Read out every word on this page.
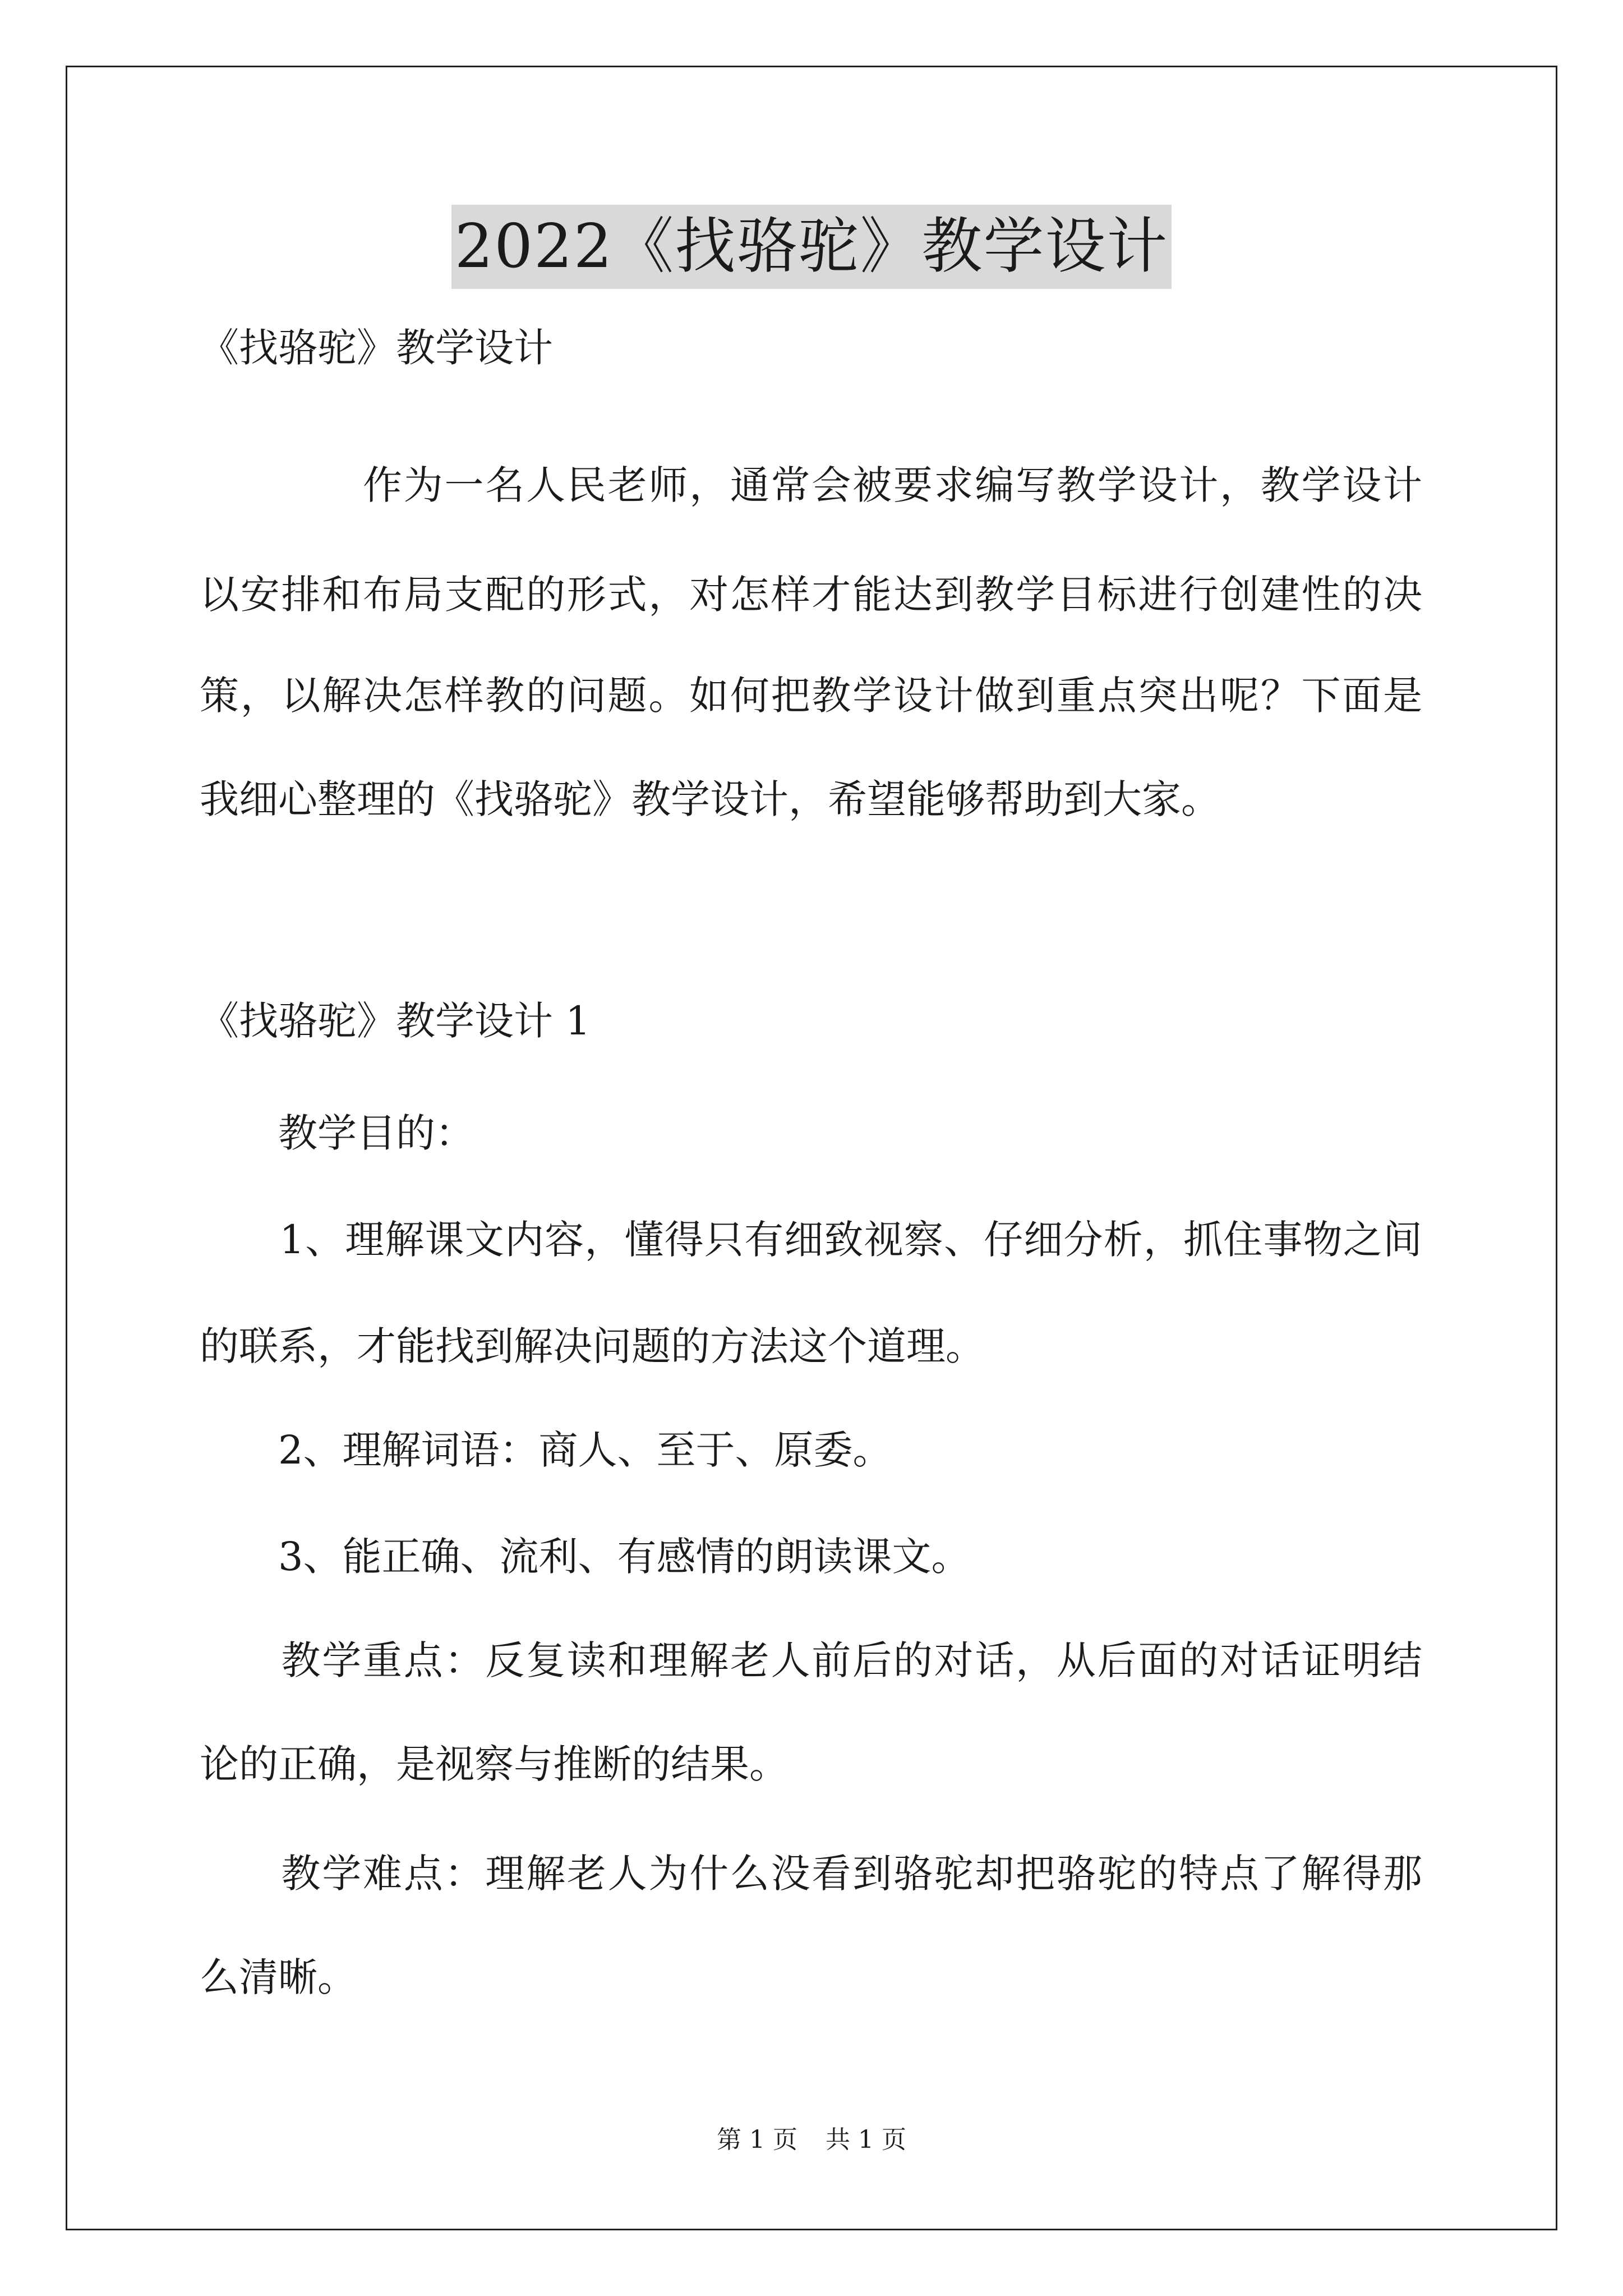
2022《找骆驼》教学设计
《找骆驼》教学设计
　　　　作为一名人民老师，通常会被要求编写教学设计，教学设计
以安排和布局支配的形式，对怎样才能达到教学目标进行创建性的决
策，以解决怎样教的问题。如何把教学设计做到重点突出呢？下面是
我细心整理的《找骆驼》教学设计，希望能够帮助到大家。
《找骆驼》教学设计 1
　　教学目的：
　　1、理解课文内容，懂得只有细致视察、仔细分析，抓住事物之间
的联系，才能找到解决问题的方法这个道理。
　　2、理解词语：商人、至于、原委。
　　3、能正确、流利、有感情的朗读课文。
　　教学重点：反复读和理解老人前后的对话，从后面的对话证明结
论的正确，是视察与推断的结果。
　　教学难点：理解老人为什么没看到骆驼却把骆驼的特点了解得那
么清晰。
第 1 页 共 1 页
